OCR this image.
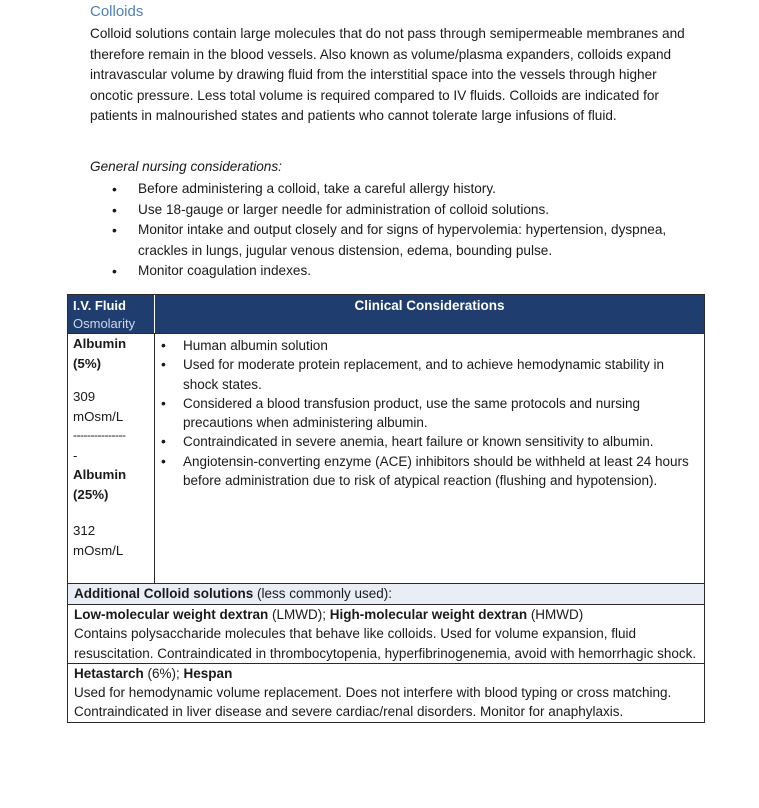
Colloids
Colloid solutions contain large molecules that do not pass through semipermeable membranes and therefore remain in the blood vessels. Also known as volume/plasma expanders, colloids expand intravascular volume by drawing fluid from the interstitial space into the vessels through higher oncotic pressure. Less total volume is required compared to IV fluids. Colloids are indicated for patients in malnourished states and patients who cannot tolerate large infusions of fluid.
General nursing considerations:
• Before administering a colloid, take a careful allergy history.
• Use 18-gauge or larger needle for administration of colloid solutions.
• Monitor intake and output closely and for signs of hypervolemia: hypertension, dyspnea, crackles in lungs, jugular venous distension, edema, bounding pulse.
• Monitor coagulation indexes.
I.V. Fluid
Osmolarity
Clinical Considerations
Albumin
(5%)
309
mOsm/L
---------------
-
Albumin
(25%)
312
mOsm/L
• Human albumin solution
• Used for moderate protein replacement, and to achieve hemodynamic stability in shock states.
• Considered a blood transfusion product, use the same protocols and nursing precautions when administering albumin.
• Contraindicated in severe anemia, heart failure or known sensitivity to albumin.
• Angiotensin-converting enzyme (ACE) inhibitors should be withheld at least 24 hours before administration due to risk of atypical reaction (flushing and hypotension).
Additional Colloid solutions (less commonly used):
Low-molecular weight dextran (LMWD); High-molecular weight dextran (HMWD)
Contains polysaccharide molecules that behave like colloids. Used for volume expansion, fluid resuscitation. Contraindicated in thrombocytopenia, hyperfibrinogenemia, avoid with hemorrhagic shock.
Hetastarch (6%); Hespan
Used for hemodynamic volume replacement. Does not interfere with blood typing or cross matching. Contraindicated in liver disease and severe cardiac/renal disorders. Monitor for anaphylaxis.
